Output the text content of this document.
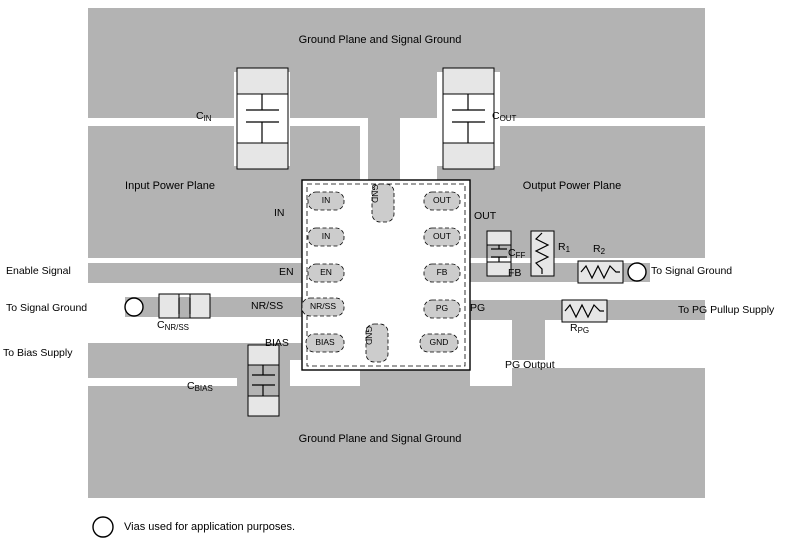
Ground Plane and Signal Ground
Ground Plane and Signal Ground
Input Power Plane	Output Power Plane
$C_{IN}$	$C_{OUT}$
$C_{NR/SS}$
$C_{BIAS}$
$C_{FF}$
$R_1$ $R_2$
$R_{PG}$
IN
IN
EN
NR/SS
BIAS
GND
GND	GND
OUT
OUT
FB
PG
IN
EN
NR/SS
BIAS
OUT
FB
PG
Enable Signal
To Signal Ground
To Bias Supply
To Signal Ground
To PG Pullup Supply
PG Output
Vias used for application purposes.
